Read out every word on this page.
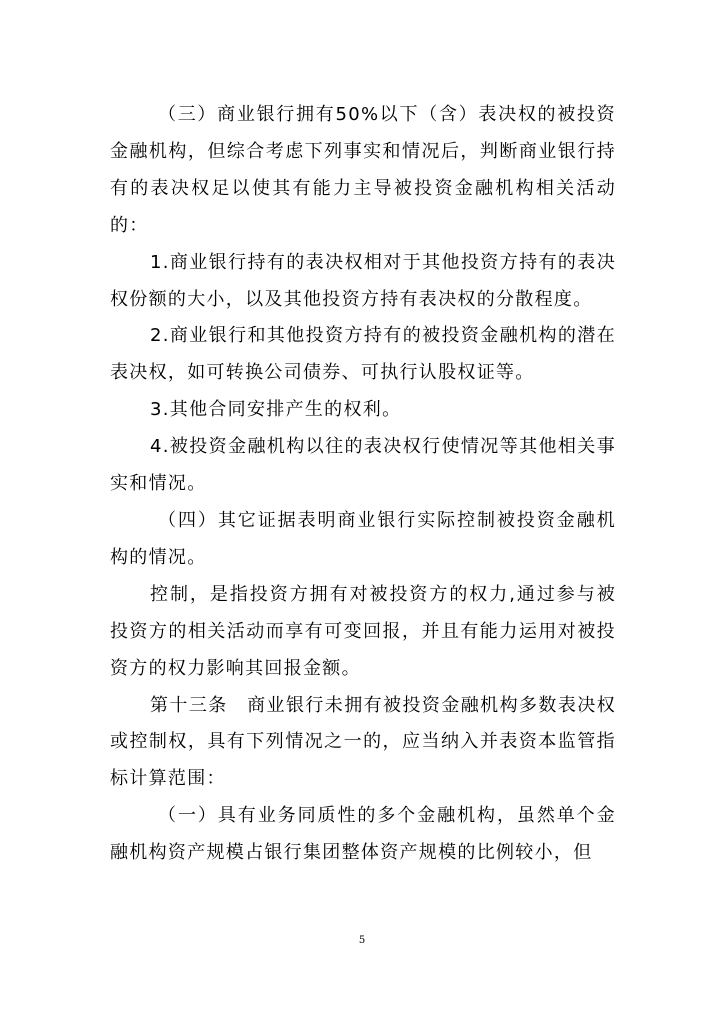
（三）商业银行拥有50%以下（含）表决权的被投资金融机构，但综合考虑下列事实和情况后，判断商业银行持有的表决权足以使其有能力主导被投资金融机构相关活动的：

1.商业银行持有的表决权相对于其他投资方持有的表决权份额的大小，以及其他投资方持有表决权的分散程度。

2.商业银行和其他投资方持有的被投资金融机构的潜在表决权，如可转换公司债券、可执行认股权证等。

3.其他合同安排产生的权利。

4.被投资金融机构以往的表决权行使情况等其他相关事实和情况。

（四）其它证据表明商业银行实际控制被投资金融机构的情况。

控制，是指投资方拥有对被投资方的权力,通过参与被投资方的相关活动而享有可变回报，并且有能力运用对被投资方的权力影响其回报金额。

第十三条　商业银行未拥有被投资金融机构多数表决权或控制权，具有下列情况之一的，应当纳入并表资本监管指标计算范围：

（一）具有业务同质性的多个金融机构，虽然单个金融机构资产规模占银行集团整体资产规模的比例较小，但

5
